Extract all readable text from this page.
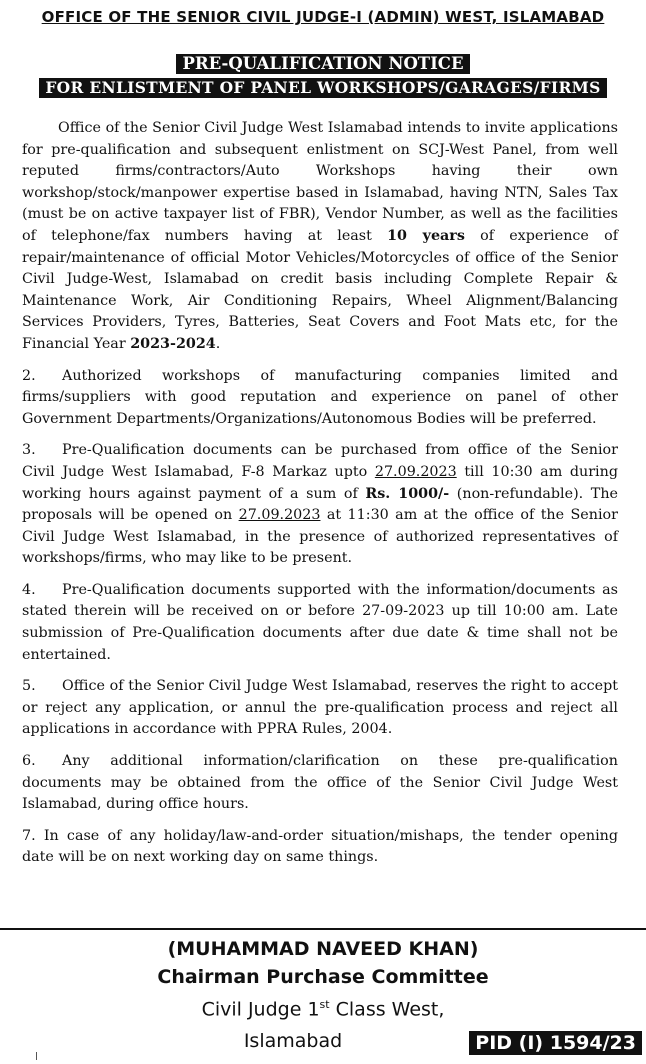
OFFICE OF THE SENIOR CIVIL JUDGE-I (ADMIN) WEST, ISLAMABAD
PRE-QUALIFICATION NOTICE
FOR ENLISTMENT OF PANEL WORKSHOPS/GARAGES/FIRMS

Office of the Senior Civil Judge West Islamabad intends to invite applications for pre-qualification and subsequent enlistment on SCJ-West Panel, from well reputed firms/contractors/Auto Workshops having their own workshop/stock/manpower expertise based in Islamabad, having NTN, Sales Tax (must be on active taxpayer list of FBR), Vendor Number, as well as the facilities of telephone/fax numbers having at least 10 years of experience of repair/maintenance of official Motor Vehicles/Motorcycles of office of the Senior Civil Judge-West, Islamabad on credit basis including Complete Repair & Maintenance Work, Air Conditioning Repairs, Wheel Alignment/Balancing Services Providers, Tyres, Batteries, Seat Covers and Foot Mats etc, for the Financial Year 2023-2024.

2. Authorized workshops of manufacturing companies limited and firms/suppliers with good reputation and experience on panel of other Government Departments/Organizations/Autonomous Bodies will be preferred.

3. Pre-Qualification documents can be purchased from office of the Senior Civil Judge West Islamabad, F-8 Markaz upto 27.09.2023 till 10:30 am during working hours against payment of a sum of Rs. 1000/- (non-refundable). The proposals will be opened on 27.09.2023 at 11:30 am at the office of the Senior Civil Judge West Islamabad, in the presence of authorized representatives of workshops/firms, who may like to be present.

4. Pre-Qualification documents supported with the information/documents as stated therein will be received on or before 27-09-2023 up till 10:00 am. Late submission of Pre-Qualification documents after due date & time shall not be entertained.

5. Office of the Senior Civil Judge West Islamabad, reserves the right to accept or reject any application, or annul the pre-qualification process and reject all applications in accordance with PPRA Rules, 2004.

6. Any additional information/clarification on these pre-qualification documents may be obtained from the office of the Senior Civil Judge West Islamabad, during office hours.

7. In case of any holiday/law-and-order situation/mishaps, the tender opening date will be on next working day on same things.

(MUHAMMAD NAVEED KHAN)
Chairman Purchase Committee
Civil Judge 1st Class West,
Islamabad	PID (I) 1594/23
